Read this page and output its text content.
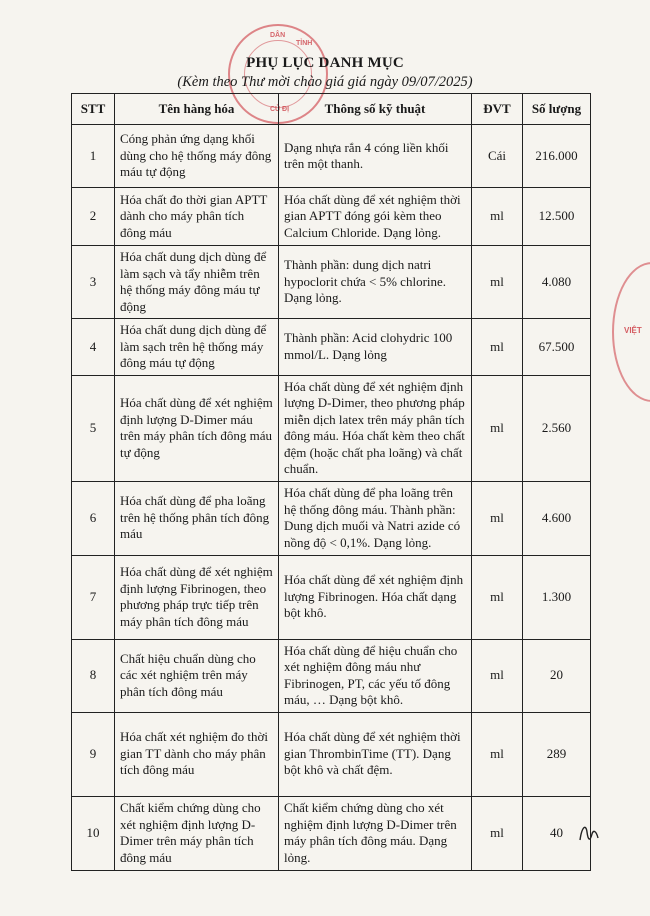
DÂN
TỈNH
CỦ ĐỊ
VIỆT
PHỤ LỤC DANH MỤC
(Kèm theo Thư mời chào giá giá ngày 09/07/2025)
STT	Tên hàng hóa	Thông số kỹ thuật	ĐVT	Số lượng
1	Cóng phản ứng dạng khối dùng cho hệ thống máy đông máu tự động	Dạng nhựa rắn 4 cóng liền khối trên một thanh.	Cái	216.000
2	Hóa chất đo thời gian APTT dành cho máy phân tích đông máu	Hóa chất dùng để xét nghiệm thời gian APTT đóng gói kèm theo Calcium Chloride. Dạng lỏng.	ml	12.500
3	Hóa chất dung dịch dùng để làm sạch và tẩy nhiễm trên hệ thống máy đông máu tự động	Thành phần: dung dịch natri hypoclorit chứa < 5% chlorine. Dạng lỏng.	ml	4.080
4	Hóa chất dung dịch dùng để làm sạch trên hệ thống máy đông máu tự động	Thành phần: Acid clohydric 100 mmol/L. Dạng lỏng	ml	67.500
5	Hóa chất dùng để xét nghiệm định lượng D-Dimer máu trên máy phân tích đông máu tự động	Hóa chất dùng để xét nghiệm định lượng D-Dimer, theo phương pháp miễn dịch latex trên máy phân tích đông máu. Hóa chất kèm theo chất đệm (hoặc chất pha loãng) và chất chuẩn.	ml	2.560
6	Hóa chất dùng để pha loãng trên hệ thống phân tích đông máu	Hóa chất dùng để pha loãng trên hệ thống đông máu. Thành phần: Dung dịch muối và Natri azide có nồng độ < 0,1%. Dạng lỏng.	ml	4.600
7	Hóa chất dùng để xét nghiệm định lượng Fibrinogen, theo phương pháp trực tiếp trên máy phân tích đông máu	Hóa chất dùng để xét nghiệm định lượng Fibrinogen. Hóa chất dạng bột khô.	ml	1.300
8	Chất hiệu chuẩn dùng cho các xét nghiệm trên máy phân tích đông máu	Hóa chất dùng để hiệu chuẩn cho xét nghiệm đông máu như Fibrinogen, PT, các yếu tố đông máu, … Dạng bột khô.	ml	20
9	Hóa chất xét nghiệm đo thời gian TT dành cho máy phân tích đông máu	Hóa chất dùng để xét nghiệm thời gian ThrombinTime (TT). Dạng bột khô và chất đệm.	ml	289
10	Chất kiểm chứng dùng cho xét nghiệm định lượng D-Dimer trên máy phân tích đông máu	Chất kiểm chứng dùng cho xét nghiệm định lượng D-Dimer trên máy phân tích đông máu. Dạng lỏng.	ml	40
